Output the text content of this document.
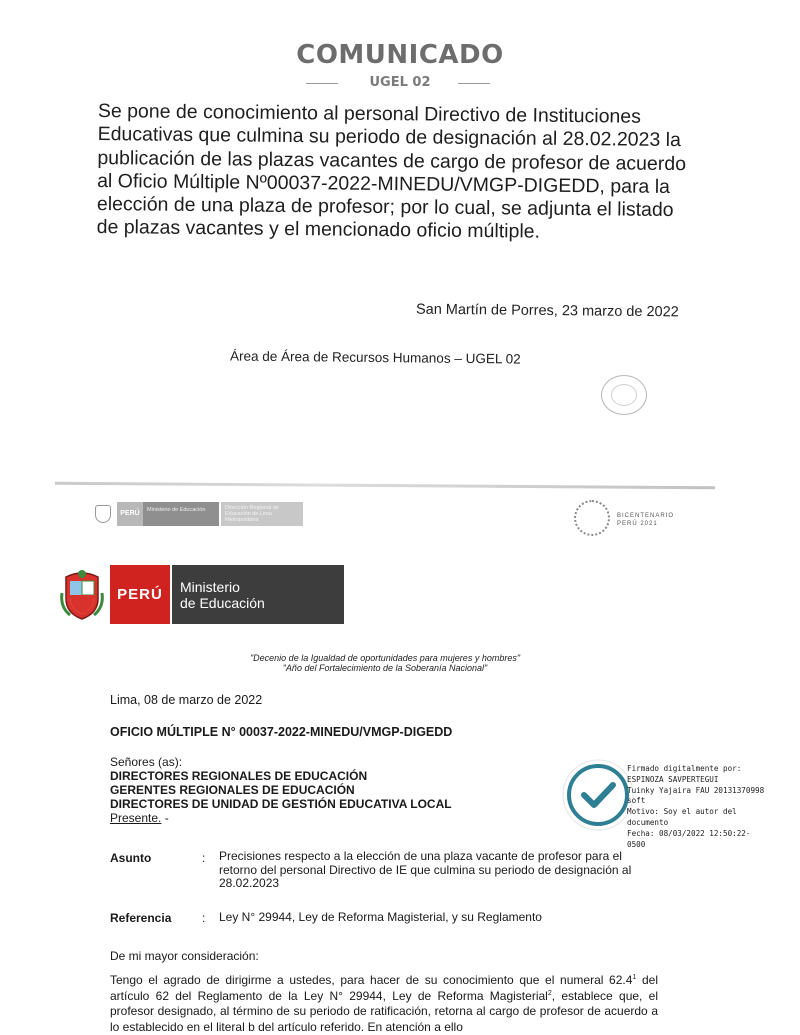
COMUNICADO
UGEL 02
Se pone de conocimiento al personal Directivo de Instituciones Educativas que culmina su periodo de designación al 28.02.2023 la publicación de las plazas vacantes de cargo de profesor de acuerdo al Oficio Múltiple Nº00037-2022-MINEDU/VMGP-DIGEDD, para la elección de una plaza de profesor; por lo cual, se adjunta el listado de plazas vacantes y el mencionado oficio múltiple.
San Martín de Porres, 23 marzo de 2022
Área de Área de Recursos Humanos – UGEL 02
PERÚ	Ministerio de Educación	Dirección Regional de Educación de Lima Metropolitana
BICENTENARIO PERÚ 2021
PERÚ	Ministerio
de Educación
"Decenio de la Igualdad de oportunidades para mujeres y hombres"
"Año del Fortalecimiento de la Soberanía Nacional"
Lima, 08 de marzo de 2022
OFICIO MÚLTIPLE N° 00037-2022-MINEDU/VMGP-DIGEDD
Señores (as):
DIRECTORES REGIONALES DE EDUCACIÓN
GERENTES REGIONALES DE EDUCACIÓN
DIRECTORES DE UNIDAD DE GESTIÓN EDUCATIVA LOCAL
Presente. -
Firmado digitalmente por:
ESPINOZA SAVPERTEGUI
Tuinky Yajaira FAU 20131370998
soft
Motivo: Soy el autor del
documento
Fecha: 08/03/2022 12:50:22-0500
Asunto	: Precisiones respecto a la elección de una plaza vacante de profesor para el retorno del personal Directivo de IE que culmina su periodo de designación al 28.02.2023
Referencia	: Ley N° 29944, Ley de Reforma Magisterial, y su Reglamento
De mi mayor consideración:
Tengo el agrado de dirigirme a ustedes, para hacer de su conocimiento que el numeral 62.4$^1$ del artículo 62 del Reglamento de la Ley N° 29944, Ley de Reforma Magisterial$^2$, establece que, el profesor designado, al término de su periodo de ratificación, retorna al cargo de profesor de acuerdo a lo establecido en el literal b del artículo referido. En atención a ello
